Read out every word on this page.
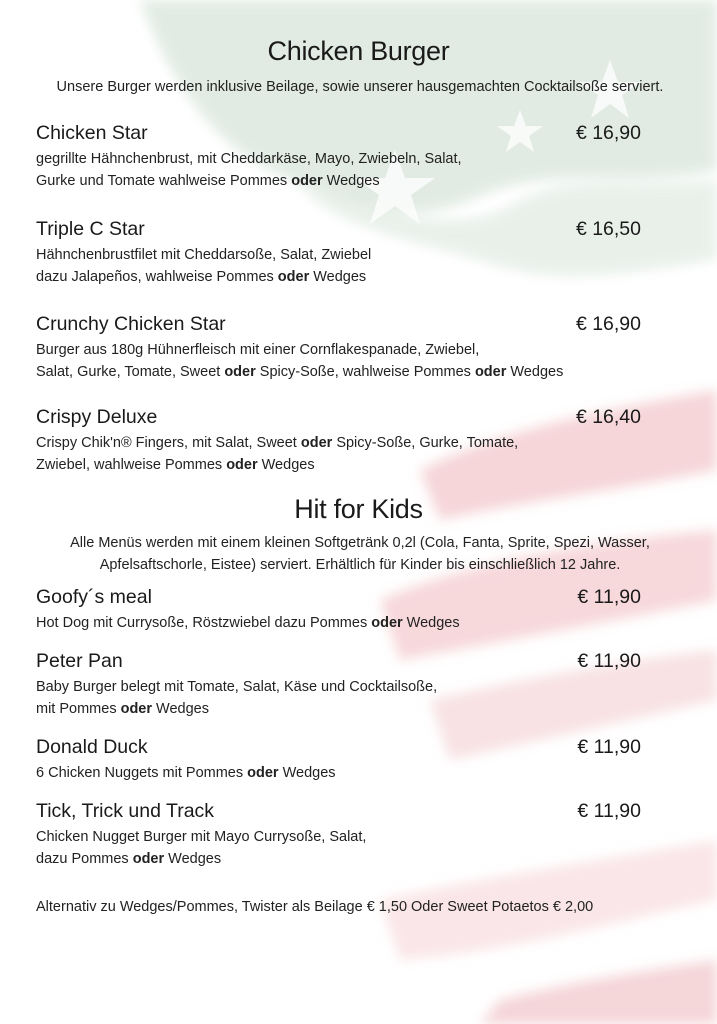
Chicken Burger
Unsere Burger werden inklusive Beilage, sowie unserer hausgemachten Cocktailsoße serviert.
Chicken Star	€ 16,90
gegrillte Hähnchenbrust, mit Cheddarkäse, Mayo, Zwiebeln, Salat,
Gurke und Tomate wahlweise Pommes oder Wedges
Triple C Star	€ 16,50
Hähnchenbrustfilet mit Cheddarsoße, Salat, Zwiebel
dazu Jalapeños, wahlweise Pommes oder Wedges
Crunchy Chicken Star	€ 16,90
Burger aus 180g Hühnerfleisch mit einer Cornflakespanade, Zwiebel,
Salat, Gurke, Tomate, Sweet oder Spicy-Soße, wahlweise Pommes oder Wedges
Crispy Deluxe	€ 16,40
Crispy Chik'n® Fingers, mit Salat, Sweet oder Spicy-Soße, Gurke, Tomate,
Zwiebel, wahlweise Pommes oder Wedges
Hit for Kids
Alle Menüs werden mit einem kleinen Softgetränk 0,2l (Cola, Fanta, Sprite, Spezi, Wasser, Apfelsaftschorle, Eistee) serviert. Erhältlich für Kinder bis einschließlich 12 Jahre.
Goofy´s meal	€ 11,90
Hot Dog mit Currysoße, Röstzwiebel dazu Pommes oder Wedges
Peter Pan	€ 11,90
Baby Burger belegt mit Tomate, Salat, Käse und Cocktailsoße,
mit Pommes oder Wedges
Donald Duck	€ 11,90
6 Chicken Nuggets mit Pommes oder Wedges
Tick, Trick und Track	€ 11,90
Chicken Nugget Burger mit Mayo Currysoße, Salat,
dazu Pommes oder Wedges
Alternativ zu Wedges/Pommes, Twister als Beilage € 1,50 Oder Sweet Potaetos € 2,00
